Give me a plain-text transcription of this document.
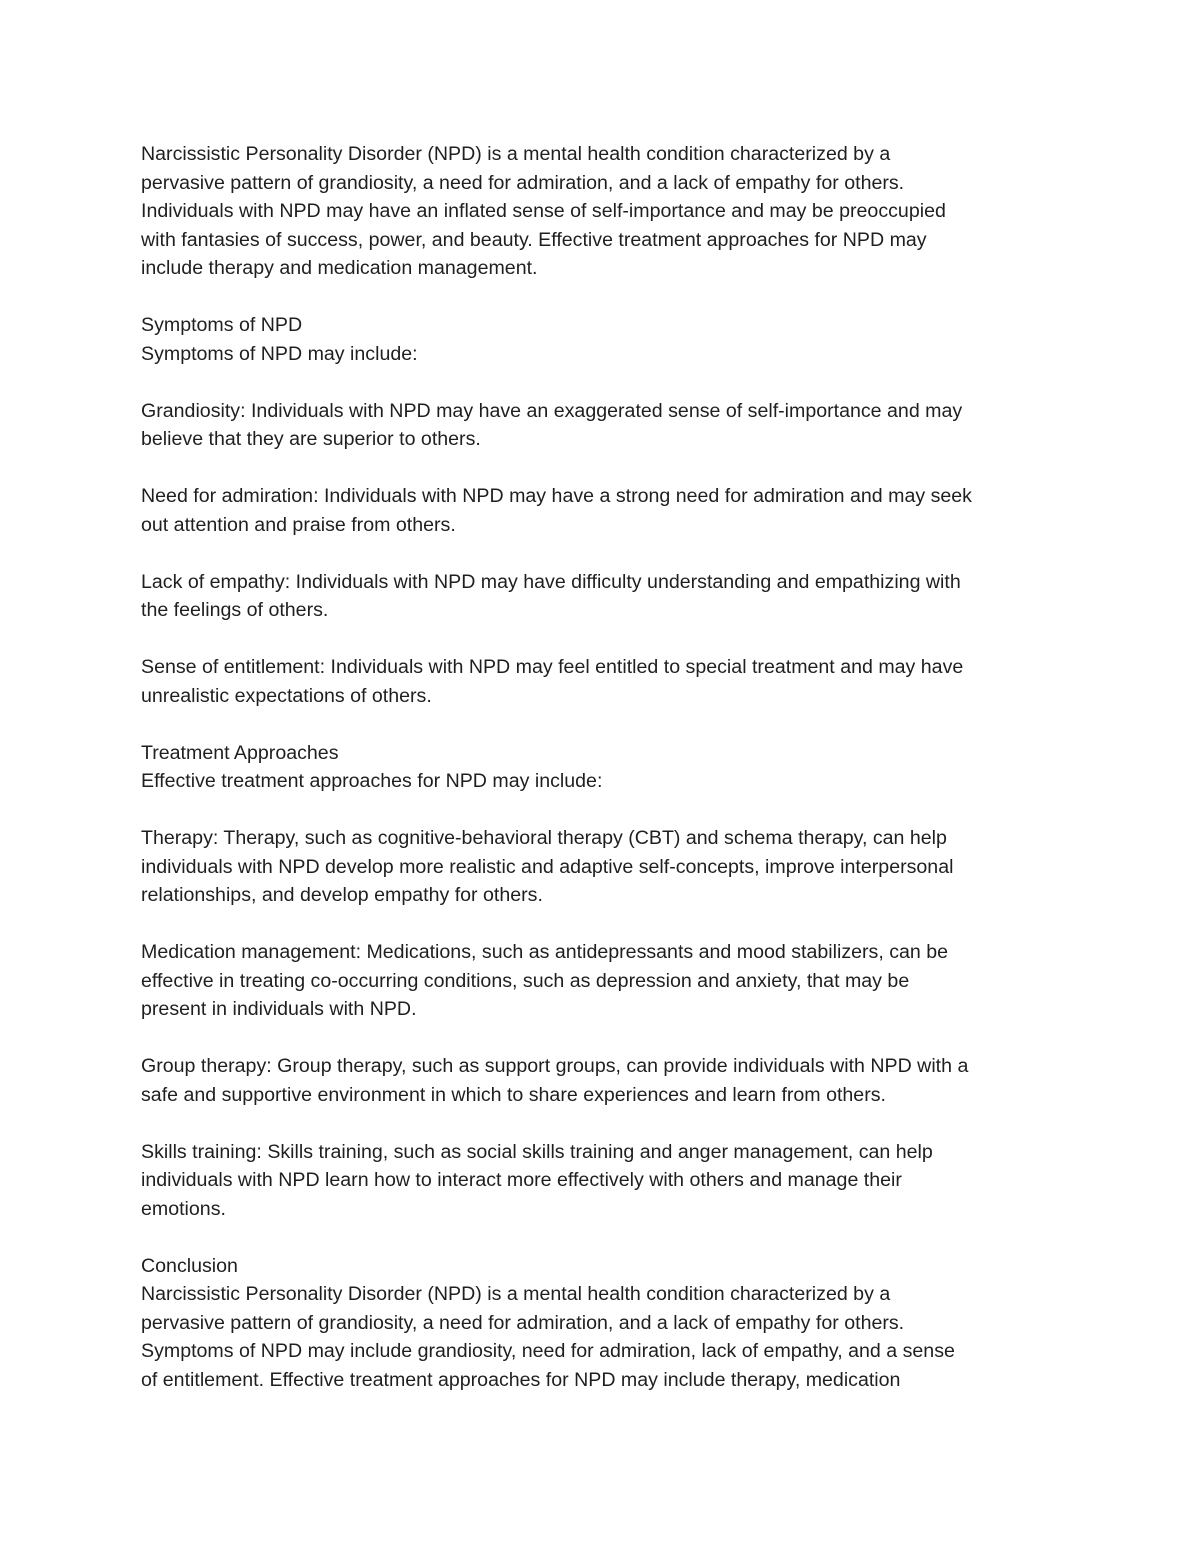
Narcissistic Personality Disorder (NPD) is a mental health condition characterized by a
pervasive pattern of grandiosity, a need for admiration, and a lack of empathy for others.
Individuals with NPD may have an inflated sense of self-importance and may be preoccupied
with fantasies of success, power, and beauty. Effective treatment approaches for NPD may
include therapy and medication management.
Symptoms of NPD
Symptoms of NPD may include:
Grandiosity: Individuals with NPD may have an exaggerated sense of self-importance and may
believe that they are superior to others.
Need for admiration: Individuals with NPD may have a strong need for admiration and may seek
out attention and praise from others.
Lack of empathy: Individuals with NPD may have difficulty understanding and empathizing with
the feelings of others.
Sense of entitlement: Individuals with NPD may feel entitled to special treatment and may have
unrealistic expectations of others.
Treatment Approaches
Effective treatment approaches for NPD may include:
Therapy: Therapy, such as cognitive-behavioral therapy (CBT) and schema therapy, can help
individuals with NPD develop more realistic and adaptive self-concepts, improve interpersonal
relationships, and develop empathy for others.
Medication management: Medications, such as antidepressants and mood stabilizers, can be
effective in treating co-occurring conditions, such as depression and anxiety, that may be
present in individuals with NPD.
Group therapy: Group therapy, such as support groups, can provide individuals with NPD with a
safe and supportive environment in which to share experiences and learn from others.
Skills training: Skills training, such as social skills training and anger management, can help
individuals with NPD learn how to interact more effectively with others and manage their
emotions.
Conclusion
Narcissistic Personality Disorder (NPD) is a mental health condition characterized by a
pervasive pattern of grandiosity, a need for admiration, and a lack of empathy for others.
Symptoms of NPD may include grandiosity, need for admiration, lack of empathy, and a sense
of entitlement. Effective treatment approaches for NPD may include therapy, medication
